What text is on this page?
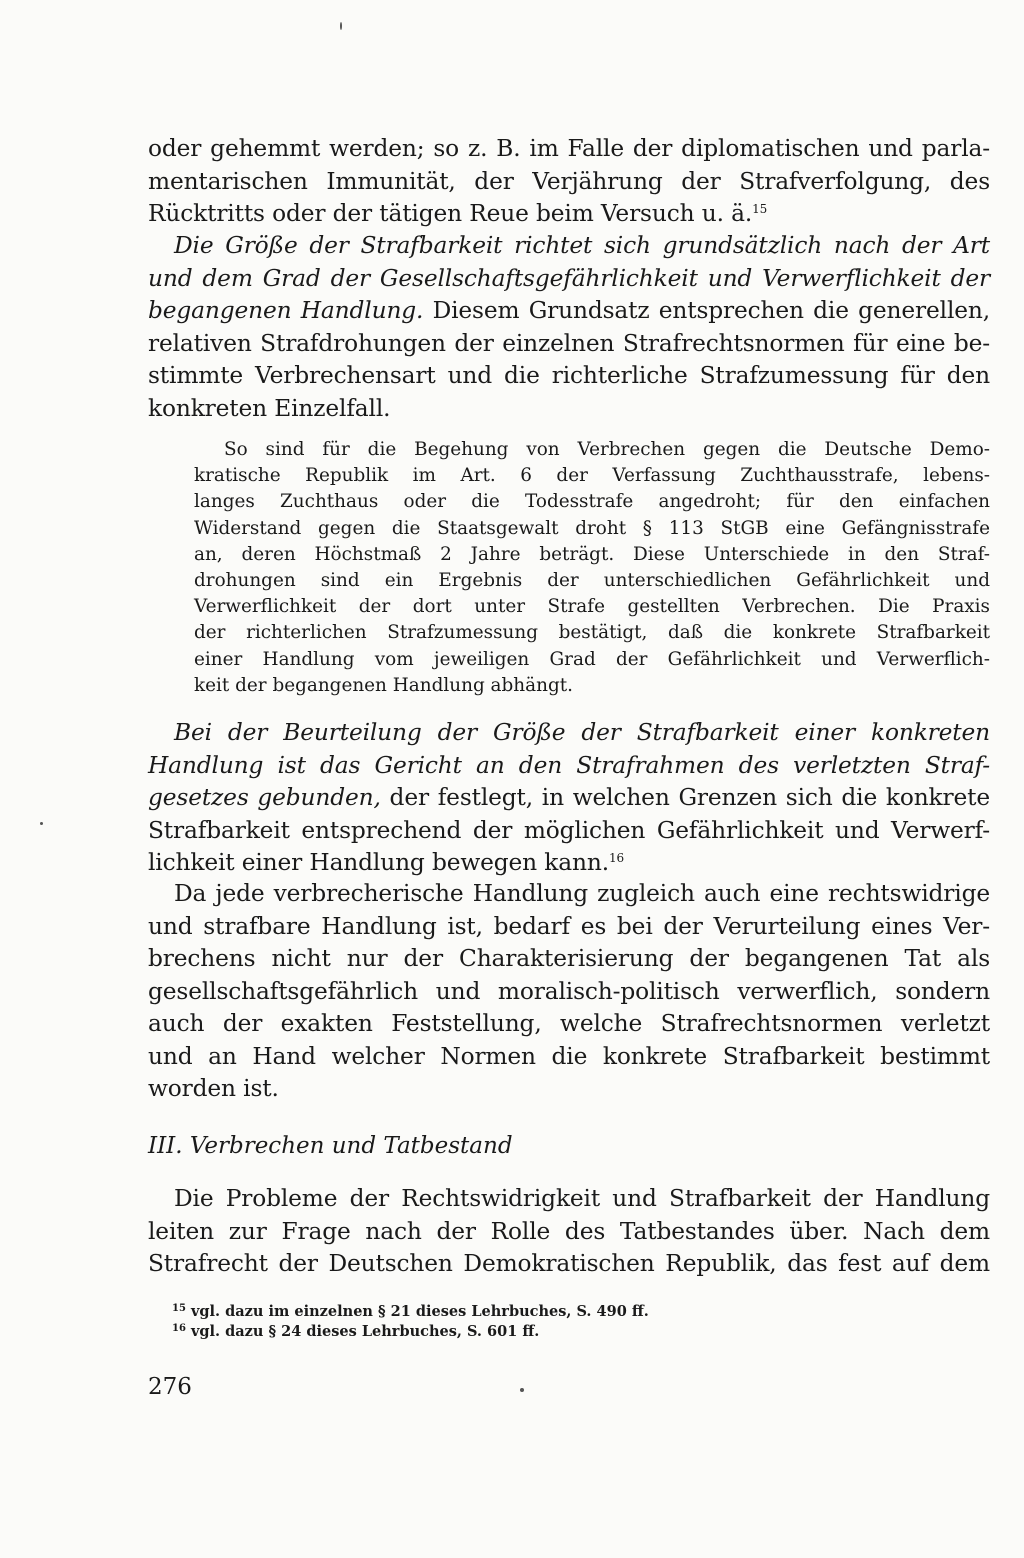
oder gehemmt werden; so z. B. im Falle der diplomatischen und parla-
mentarischen Immunität, der Verjährung der Strafverfolgung, des
Rücktritts oder der tätigen Reue beim Versuch u. ä.$^{15}$
Die Größe der Strafbarkeit richtet sich grundsätzlich nach der Art
und dem Grad der Gesellschaftsgefährlichkeit und Verwerflichkeit der
begangenen Handlung. Diesem Grundsatz entsprechen die generellen,
relativen Strafdrohungen der einzelnen Strafrechtsnormen für eine be-
stimmte Verbrechensart und die richterliche Strafzumessung für den
konkreten Einzelfall.
So sind für die Begehung von Verbrechen gegen die Deutsche Demo-
kratische Republik im Art. 6 der Verfassung Zuchthausstrafe, lebens-
langes Zuchthaus oder die Todesstrafe angedroht; für den einfachen
Widerstand gegen die Staatsgewalt droht § 113 StGB eine Gefängnisstrafe
an, deren Höchstmaß 2 Jahre beträgt. Diese Unterschiede in den Straf-
drohungen sind ein Ergebnis der unterschiedlichen Gefährlichkeit und
Verwerflichkeit der dort unter Strafe gestellten Verbrechen. Die Praxis
der richterlichen Strafzumessung bestätigt, daß die konkrete Strafbarkeit
einer Handlung vom jeweiligen Grad der Gefährlichkeit und Verwerflich-
keit der begangenen Handlung abhängt.
Bei der Beurteilung der Größe der Strafbarkeit einer konkreten
Handlung ist das Gericht an den Strafrahmen des verletzten Straf-
gesetzes gebunden, der festlegt, in welchen Grenzen sich die konkrete
Strafbarkeit entsprechend der möglichen Gefährlichkeit und Verwerf-
lichkeit einer Handlung bewegen kann.$^{16}$
Da jede verbrecherische Handlung zugleich auch eine rechtswidrige
und strafbare Handlung ist, bedarf es bei der Verurteilung eines Ver-
brechens nicht nur der Charakterisierung der begangenen Tat als
gesellschaftsgefährlich und moralisch-politisch verwerflich, sondern
auch der exakten Feststellung, welche Strafrechtsnormen verletzt
und an Hand welcher Normen die konkrete Strafbarkeit bestimmt
worden ist.
III. Verbrechen und Tatbestand
Die Probleme der Rechtswidrigkeit und Strafbarkeit der Handlung
leiten zur Frage nach der Rolle des Tatbestandes über. Nach dem
Strafrecht der Deutschen Demokratischen Republik, das fest auf dem

$^{15}$ vgl. dazu im einzelnen § 21 dieses Lehrbuches, S. 490 ff.

$^{16}$ vgl. dazu § 24 dieses Lehrbuches, S. 601 ff.

276
